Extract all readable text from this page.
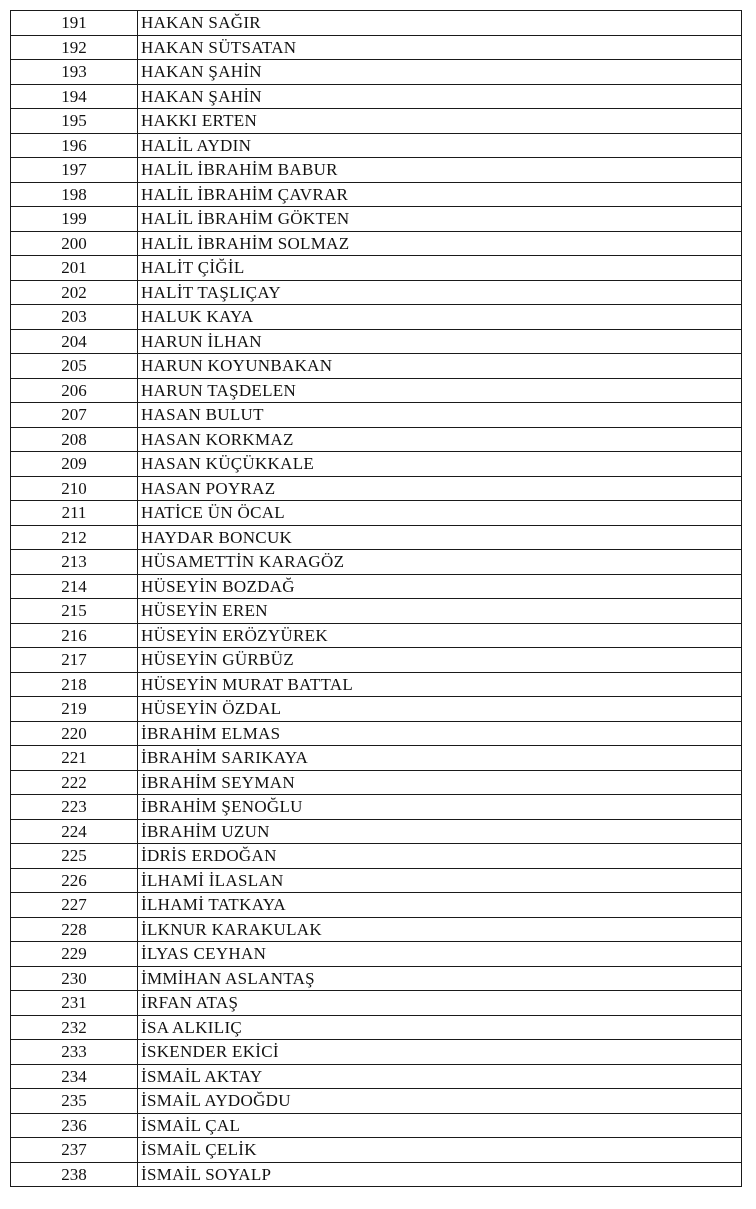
191	HAKAN SAĞIR
192	HAKAN SÜTSATAN
193	HAKAN ŞAHİN
194	HAKAN ŞAHİN
195	HAKKI ERTEN
196	HALİL AYDIN
197	HALİL İBRAHİM BABUR
198	HALİL İBRAHİM ÇAVRAR
199	HALİL İBRAHİM GÖKTEN
200	HALİL İBRAHİM SOLMAZ
201	HALİT ÇİĞİL
202	HALİT TAŞLIÇAY
203	HALUK KAYA
204	HARUN İLHAN
205	HARUN KOYUNBAKAN
206	HARUN TAŞDELEN
207	HASAN BULUT
208	HASAN KORKMAZ
209	HASAN KÜÇÜKKALE
210	HASAN POYRAZ
211	HATİCE ÜN ÖCAL
212	HAYDAR BONCUK
213	HÜSAMETTİN KARAGÖZ
214	HÜSEYİN BOZDAĞ
215	HÜSEYİN EREN
216	HÜSEYİN ERÖZYÜREK
217	HÜSEYİN GÜRBÜZ
218	HÜSEYİN MURAT BATTAL
219	HÜSEYİN ÖZDAL
220	İBRAHİM ELMAS
221	İBRAHİM SARIKAYA
222	İBRAHİM SEYMAN
223	İBRAHİM ŞENOĞLU
224	İBRAHİM UZUN
225	İDRİS ERDOĞAN
226	İLHAMİ İLASLAN
227	İLHAMİ TATKAYA
228	İLKNUR KARAKULAK
229	İLYAS CEYHAN
230	İMMİHAN ASLANTAŞ
231	İRFAN ATAŞ
232	İSA ALKILIÇ
233	İSKENDER EKİCİ
234	İSMAİL AKTAY
235	İSMAİL AYDOĞDU
236	İSMAİL ÇAL
237	İSMAİL ÇELİK
238	İSMAİL SOYALP
